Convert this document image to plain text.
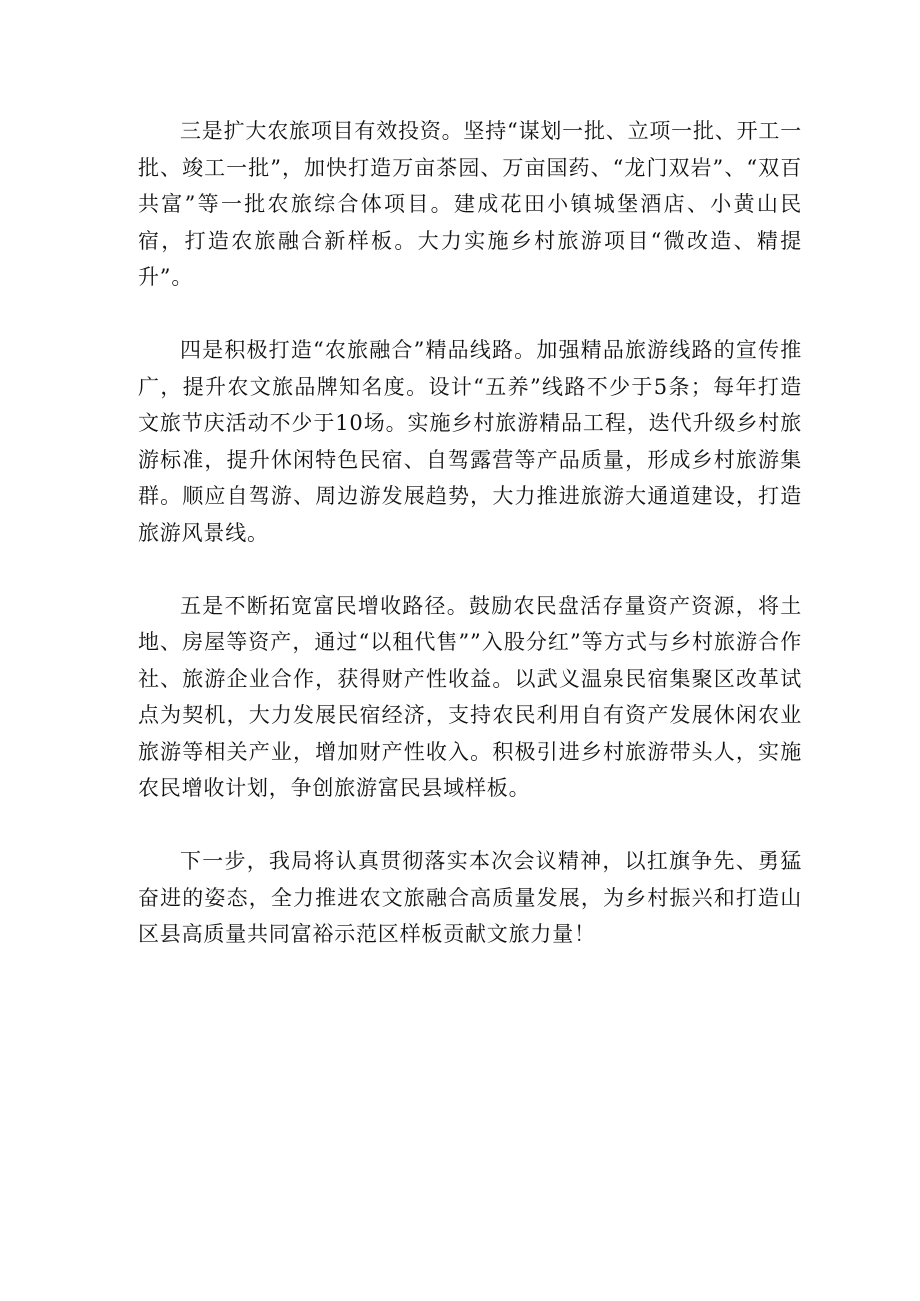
三是扩大农旅项目有效投资。坚持“谋划一批、立项一批、开工一批、竣工一批”，加快打造万亩茶园、万亩国药、“龙门双岩”、“双百共富”等一批农旅综合体项目。建成花田小镇城堡酒店、小黄山民宿，打造农旅融合新样板。大力实施乡村旅游项目“微改造、精提升”。

四是积极打造“农旅融合”精品线路。加强精品旅游线路的宣传推广，提升农文旅品牌知名度。设计“五养”线路不少于5条；每年打造文旅节庆活动不少于10场。实施乡村旅游精品工程，迭代升级乡村旅游标准，提升休闲特色民宿、自驾露营等产品质量，形成乡村旅游集群。顺应自驾游、周边游发展趋势，大力推进旅游大通道建设，打造旅游风景线。

五是不断拓宽富民增收路径。鼓励农民盘活存量资产资源，将土地、房屋等资产，通过“以租代售””入股分红”等方式与乡村旅游合作社、旅游企业合作，获得财产性收益。以武义温泉民宿集聚区改革试点为契机，大力发展民宿经济，支持农民利用自有资产发展休闲农业旅游等相关产业，增加财产性收入。积极引进乡村旅游带头人，实施农民增收计划，争创旅游富民县域样板。

下一步，我局将认真贯彻落实本次会议精神，以扛旗争先、勇猛奋进的姿态，全力推进农文旅融合高质量发展，为乡村振兴和打造山区县高质量共同富裕示范区样板贡献文旅力量！
